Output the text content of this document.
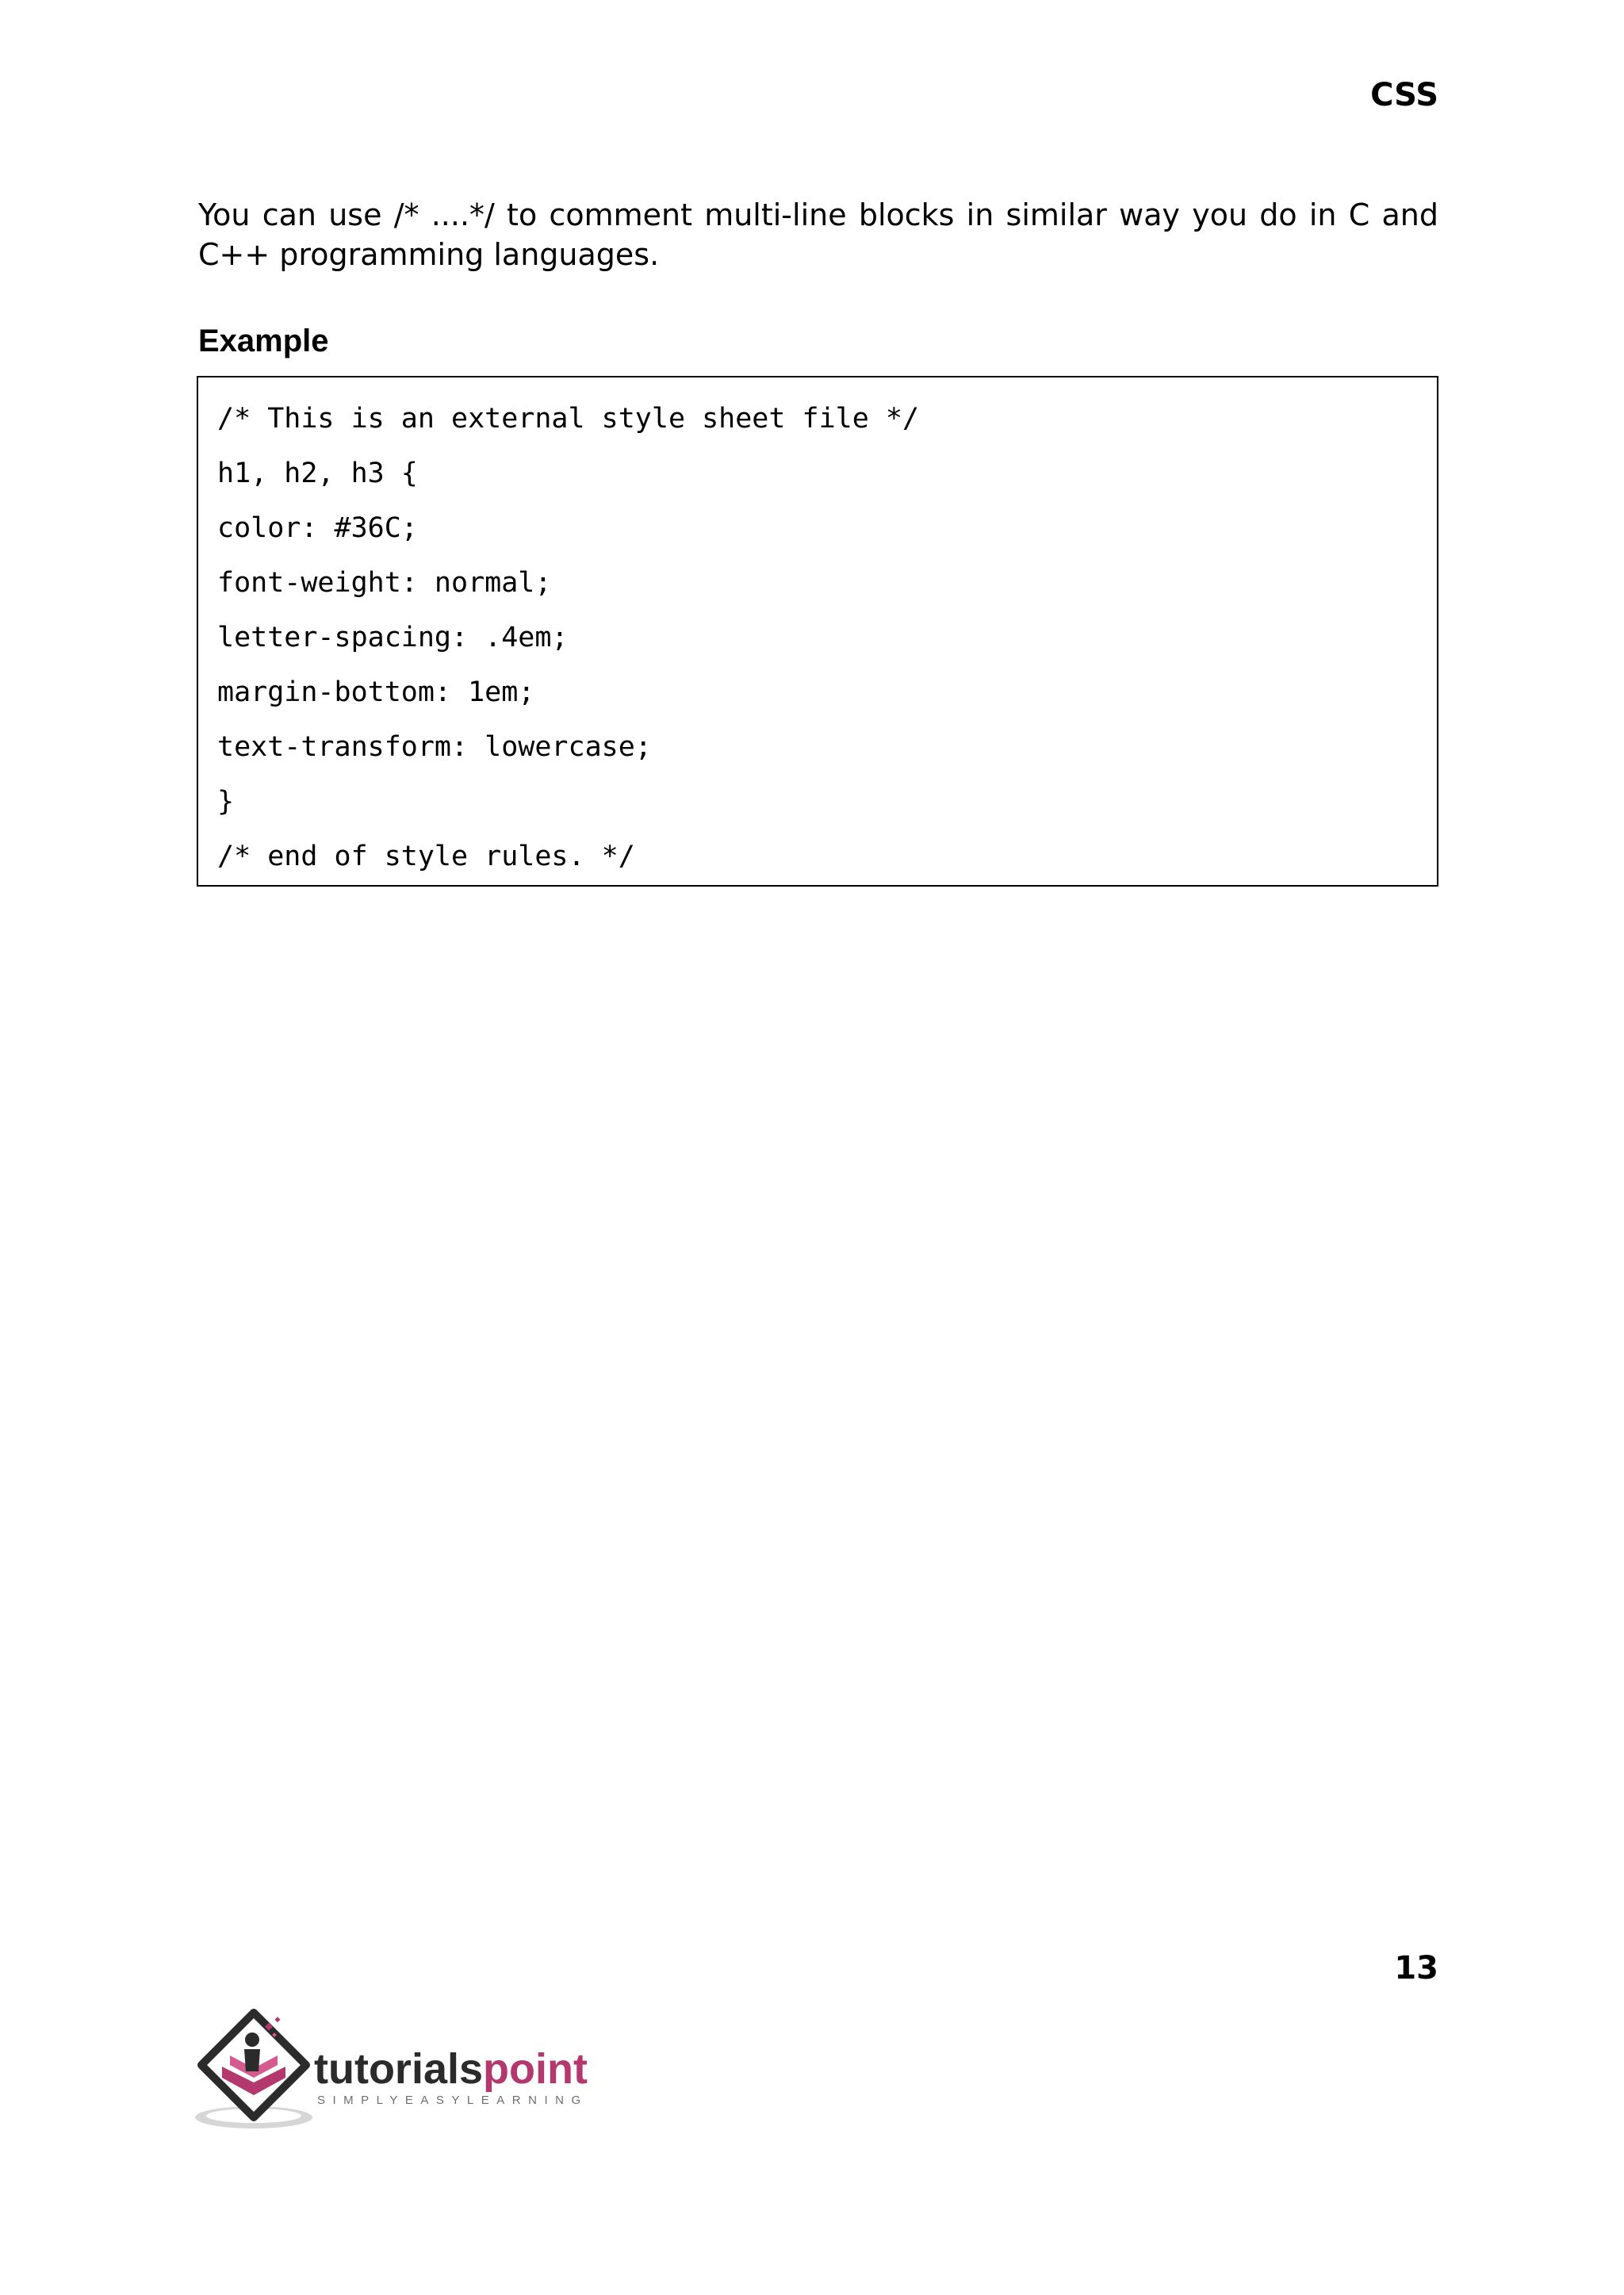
CSS

You can use /* ....*/ to comment multi-line blocks in similar way you do in C and C++ programming languages.

Example
/* This is an external style sheet file */
h1, h2, h3 {
color: #36C;
font-weight: normal;
letter-spacing: .4em;
margin-bottom: 1em;
text-transform: lowercase;
}
/* end of style rules. */
13
tutorialspoint
SIMPLYEASYLEARNING
